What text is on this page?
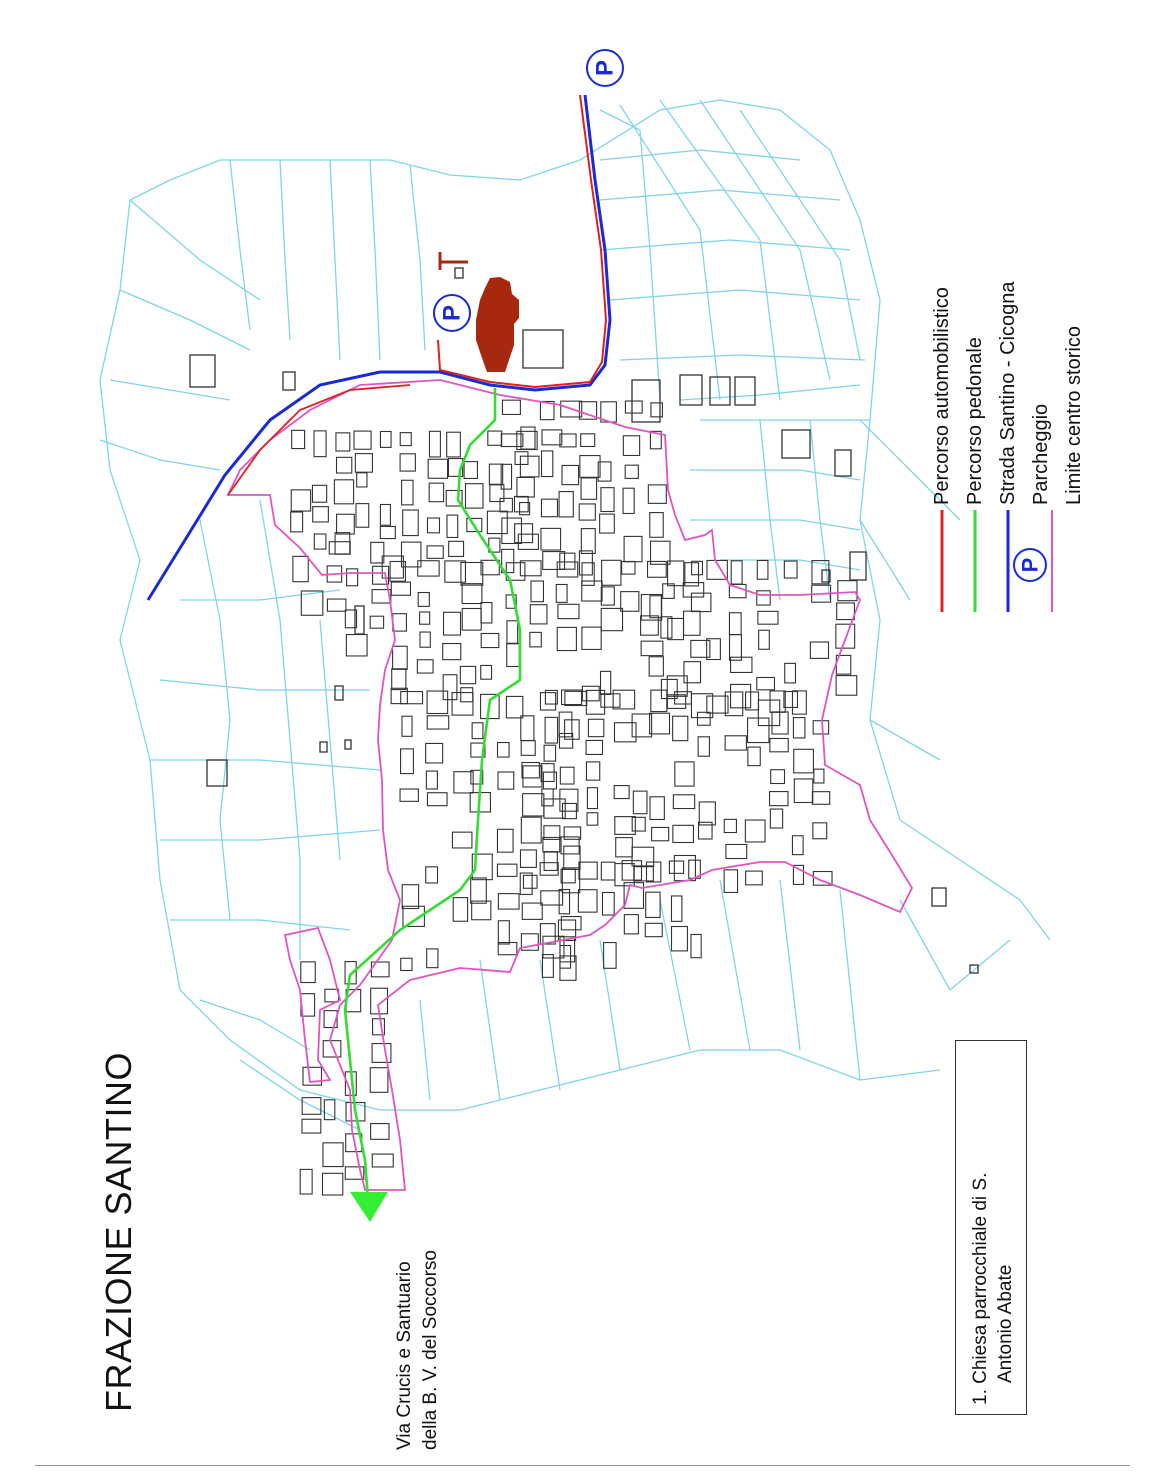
P
P
P
FRAZIONE SANTINO	Via Crucis e Santuario della B. V. del Soccorso
Percorso automobilistico Percorso pedonale Strada Santino - Cicogna Parcheggio Limite centro storico
1. Chiesa parrocchiale di S. Antonio Abate
